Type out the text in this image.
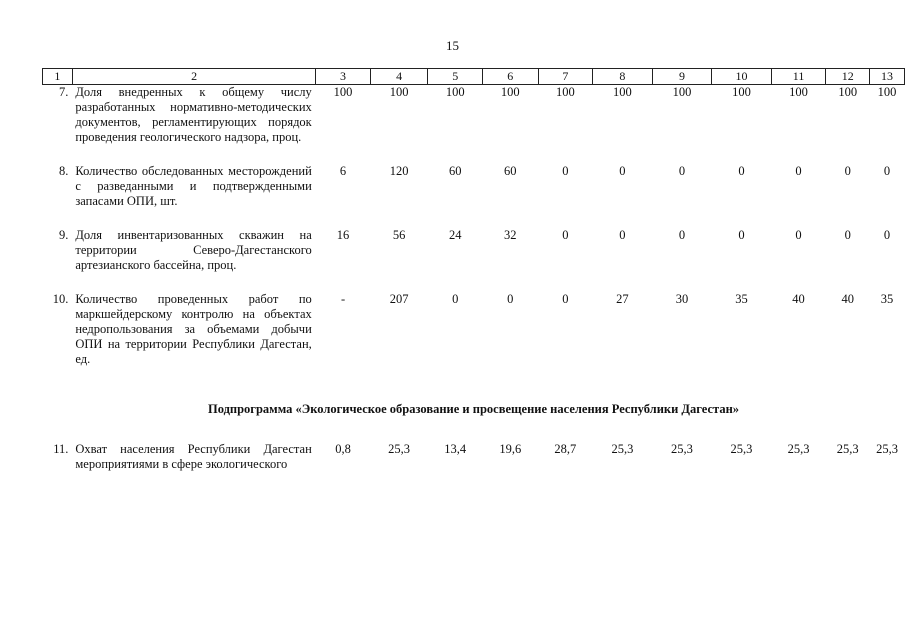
15
1	2	3	4	5	6	7	8	9	10	11	12	13
7.	Доля внедренных к общему числу разработанных нормативно-методических документов, регламентирующих порядок проведения геологического надзора, проц.	100	100	100	100	100	100	100	100	100	100	100

8.	Количество обследованных месторождений с разведанными и подтвержденными запасами ОПИ, шт.	6	120	60	60	0	0	0	0	0	0	0

9.	Доля инвентаризованных скважин на территории Северо-Дагестанского артезианского бассейна, проц.	16	56	24	32	0	0	0	0	0	0	0

10.	Количество проведенных работ по маркшейдерскому контролю на объектах недропользования за объемами добычи ОПИ на территории Республики Дагестан, ед.	-	207	0	0	0	27	30	35	40	40	35

Подпрограмма «Экологическое образование и просвещение населения Республики Дагестан»												

11.	Охват населения Республики Дагестан мероприятиями в сфере экологического	0,8	25,3	13,4	19,6	28,7	25,3	25,3	25,3	25,3	25,3	25,3
